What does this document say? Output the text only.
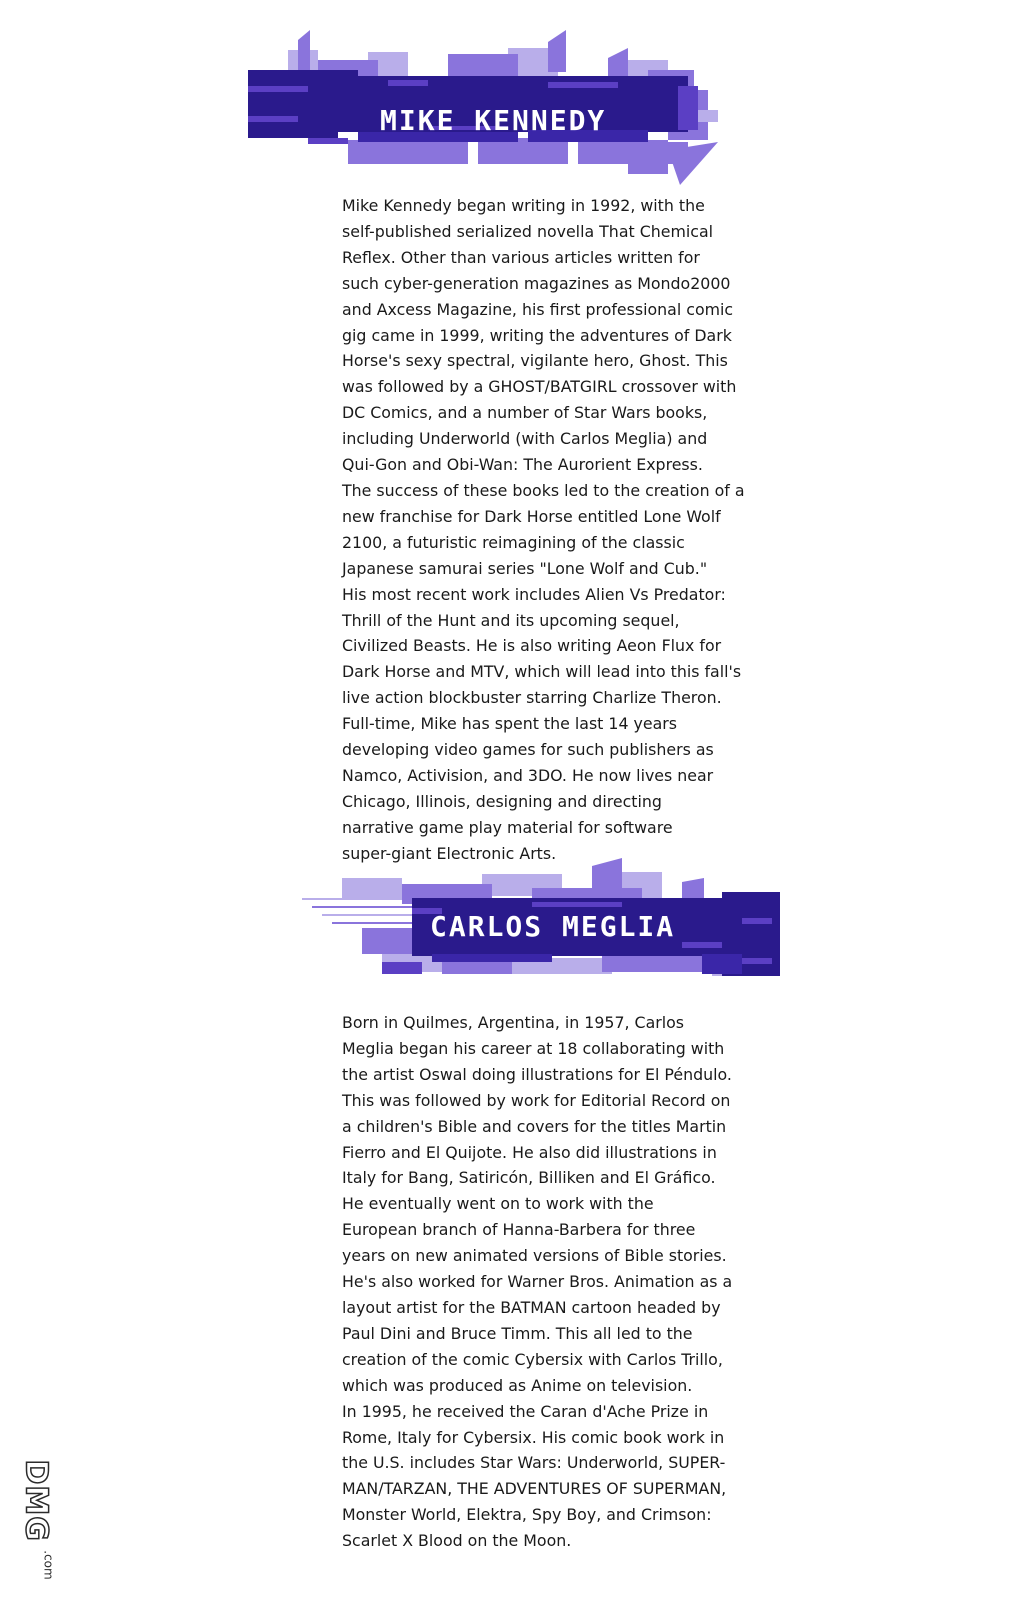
MIKE KENNEDY
Mike Kennedy began writing in 1992, with the
self-published serialized novella That Chemical
Reflex. Other than various articles written for
such cyber-generation magazines as Mondo2000
and Axcess Magazine, his first professional comic
gig came in 1999, writing the adventures of Dark
Horse's sexy spectral, vigilante hero, Ghost. This
was followed by a GHOST/BATGIRL crossover with
DC Comics, and a number of Star Wars books,
including Underworld (with Carlos Meglia) and
Qui-Gon and Obi-Wan: The Aurorient Express.
The success of these books led to the creation of a
new franchise for Dark Horse entitled Lone Wolf
2100, a futuristic reimagining of the classic
Japanese samurai series "Lone Wolf and Cub."
His most recent work includes Alien Vs Predator:
Thrill of the Hunt and its upcoming sequel,
Civilized Beasts. He is also writing Aeon Flux for
Dark Horse and MTV, which will lead into this fall's
live action blockbuster starring Charlize Theron.
Full-time, Mike has spent the last 14 years
developing video games for such publishers as
Namco, Activision, and 3DO. He now lives near
Chicago, Illinois, designing and directing
narrative game play material for software
super-giant Electronic Arts.
CARLOS MEGLIA
Born in Quilmes, Argentina, in 1957, Carlos
Meglia began his career at 18 collaborating with
the artist Oswal doing illustrations for El Péndulo.
This was followed by work for Editorial Record on
a children's Bible and covers for the titles Martin
Fierro and El Quijote. He also did illustrations in
Italy for Bang, Satiricón, Billiken and El Gráfico.
He eventually went on to work with the
European branch of Hanna-Barbera for three
years on new animated versions of Bible stories.
He's also worked for Warner Bros. Animation as a
layout artist for the BATMAN cartoon headed by
Paul Dini and Bruce Timm. This all led to the
creation of the comic Cybersix with Carlos Trillo,
which was produced as Anime on television.
In 1995, he received the Caran d'Ache Prize in
Rome, Italy for Cybersix. His comic book work in
the U.S. includes Star Wars: Underworld, SUPER-
MAN/TARZAN, THE ADVENTURES OF SUPERMAN,
Monster World, Elektra, Spy Boy, and Crimson:
Scarlet X Blood on the Moon.
DMG
.com
